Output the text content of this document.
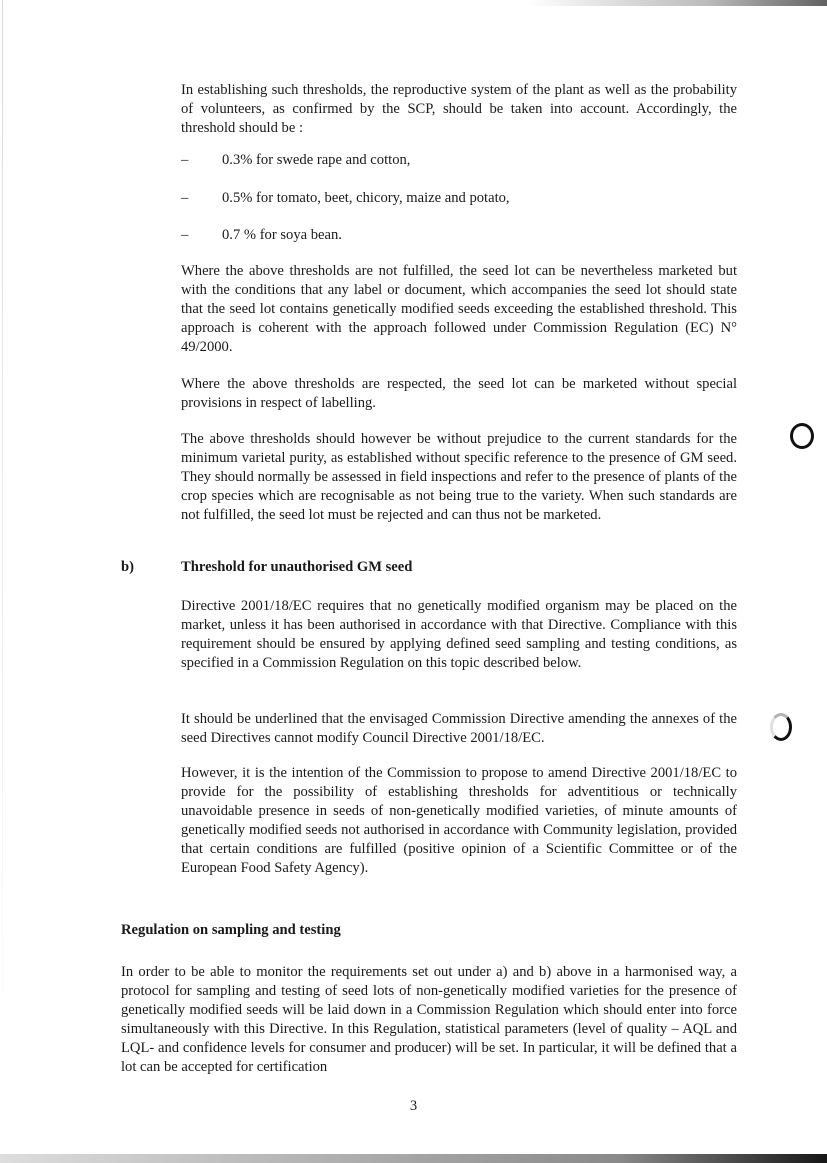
In establishing such thresholds, the reproductive system of the plant as well as the probability of volunteers, as confirmed by the SCP, should be taken into account. Accordingly, the threshold should be :

– 0.3% for swede rape and cotton,
– 0.5% for tomato, beet, chicory, maize and potato,
– 0.7 % for soya bean.

Where the above thresholds are not fulfilled, the seed lot can be nevertheless marketed but with the conditions that any label or document, which accompanies the seed lot should state that the seed lot contains genetically modified seeds exceeding the established threshold. This approach is coherent with the approach followed under Commission Regulation (EC) N° 49/2000.

Where the above thresholds are respected, the seed lot can be marketed without special provisions in respect of labelling.

The above thresholds should however be without prejudice to the current standards for the minimum varietal purity, as established without specific reference to the presence of GM seed. They should normally be assessed in field inspections and refer to the presence of plants of the crop species which are recognisable as not being true to the variety. When such standards are not fulfilled, the seed lot must be rejected and can thus not be marketed.

b)	Threshold for unauthorised GM seed

Directive 2001/18/EC requires that no genetically modified organism may be placed on the market, unless it has been authorised in accordance with that Directive. Compliance with this requirement should be ensured by applying defined seed sampling and testing conditions, as specified in a Commission Regulation on this topic described below.

It should be underlined that the envisaged Commission Directive amending the annexes of the seed Directives cannot modify Council Directive 2001/18/EC.

However, it is the intention of the Commission to propose to amend Directive 2001/18/EC to provide for the possibility of establishing thresholds for adventitious or technically unavoidable presence in seeds of non-genetically modified varieties, of minute amounts of genetically modified seeds not authorised in accordance with Community legislation, provided that certain conditions are fulfilled (positive opinion of a Scientific Committee or of the European Food Safety Agency).

Regulation on sampling and testing

In order to be able to monitor the requirements set out under a) and b) above in a harmonised way, a protocol for sampling and testing of seed lots of non-genetically modified varieties for the presence of genetically modified seeds will be laid down in a Commission Regulation which should enter into force simultaneously with this Directive. In this Regulation, statistical parameters (level of quality – AQL and LQL- and confidence levels for consumer and producer) will be set. In particular, it will be defined that a lot can be accepted for certification

3
